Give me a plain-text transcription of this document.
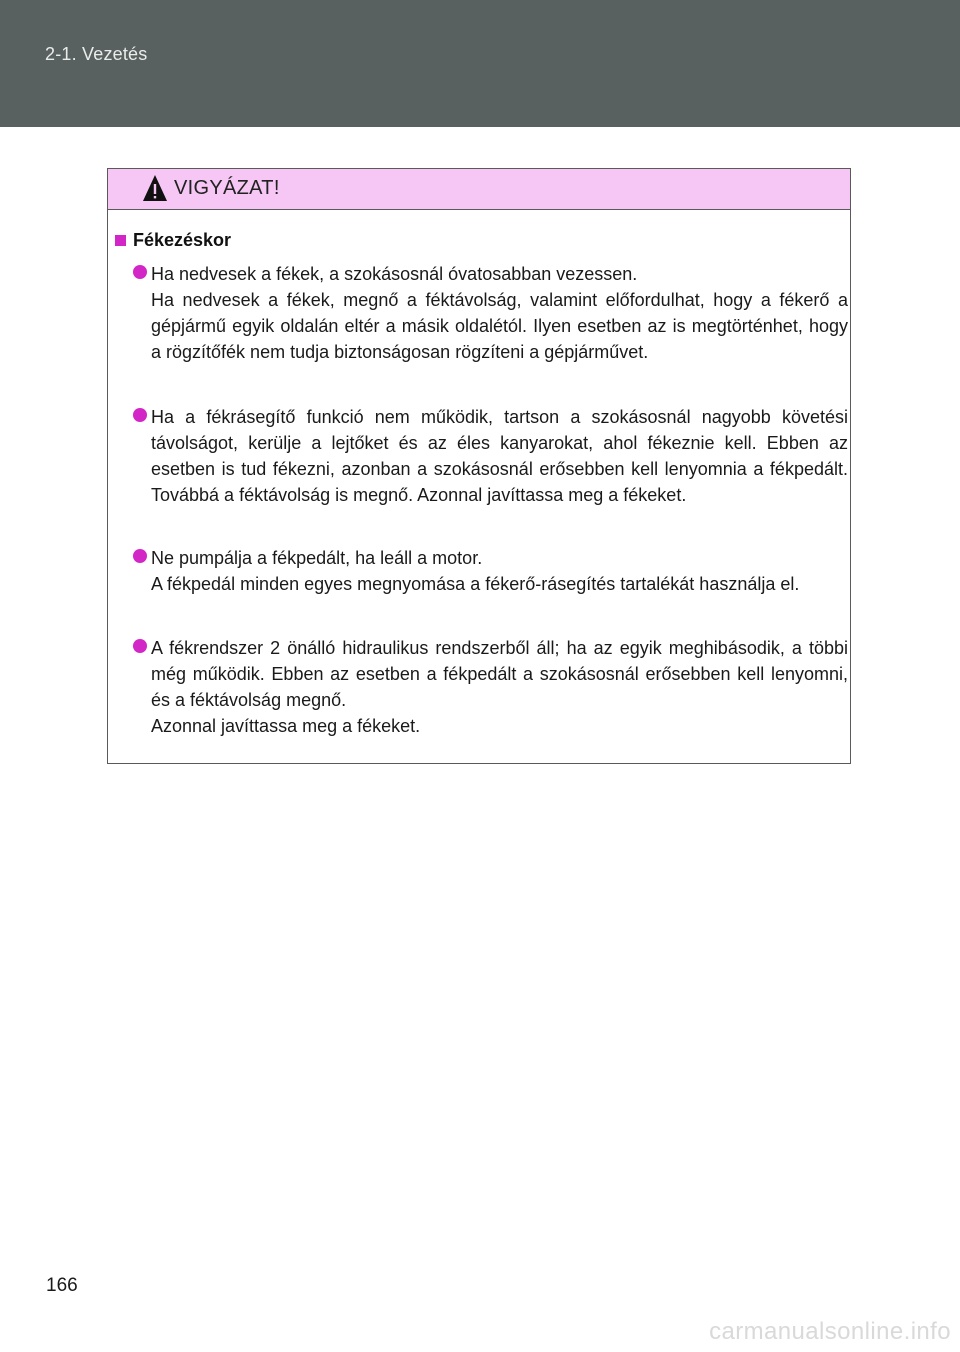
2-1. Vezetés
VIGYÁZAT!
Fékezéskor

Ha nedvesek a fékek, a szokásosnál óvatosabban vezessen.

Ha nedvesek a fékek, megnő a féktávolság, valamint előfordulhat, hogy a fékerő a gépjármű egyik oldalán eltér a másik oldalétól. Ilyen esetben az is megtörténhet, hogy a rögzítőfék nem tudja biztonságosan rögzíteni a gépjárművet.

Ha a fékrásegítő funkció nem működik, tartson a szokásosnál nagyobb követési távolságot, kerülje a lejtőket és az éles kanyarokat, ahol fékeznie kell. Ebben az esetben is tud fékezni, azonban a szokásosnál erősebben kell lenyomnia a fékpedált. Továbbá a féktávolság is megnő. Azonnal javíttassa meg a fékeket.

Ne pumpálja a fékpedált, ha leáll a motor.

A fékpedál minden egyes megnyomása a fékerő-rásegítés tartalékát használja el.

A fékrendszer 2 önálló hidraulikus rendszerből áll; ha az egyik meghibásodik, a többi még működik. Ebben az esetben a fékpedált a szokásosnál erősebben kell lenyomni, és a féktávolság megnő.

Azonnal javíttassa meg a fékeket.

166
carmanualsonline.info
